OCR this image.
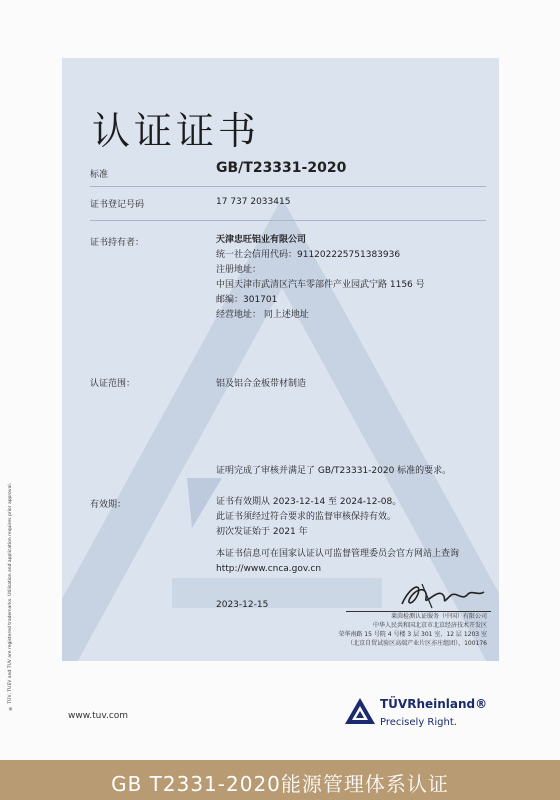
认证证书
标准	GB/T23331-2020
证书登记号码	17 737 2033415
证书持有者：	天津忠旺铝业有限公司
统一社会信用代码：911202225751383936
注册地址：
中国天津市武清区汽车零部件产业园武宁路 1156 号
邮编：301701
经营地址： 同上述地址
认证范围：	铝及铝合金板带材制造
证明完成了审核并满足了 GB/T23331-2020 标准的要求。
有效期：	证书有效期从 2023-12-14 至 2024-12-08。
此证书须经过符合要求的监督审核保持有效。
初次发证始于 2021 年
本证书信息可在国家认证认可监督管理委员会官方网站上查询
http://www.cnca.gov.cn
2023-12-15
莱茵检测认证服务（中国）有限公司
中华人民共和国北京市北京经济技术开发区
荣华南路 15 号院 4 号楼 3 层 301 室、12 层 1203 室
（北京自贸试验区高端产业片区亦庄组团），100176
® TÜV, TUEV and TUV are registered trademarks. Utilisation and application requires prior approval.
www.tuv.com
TÜVRheinland®
Precisely Right.
GB T2331-2020能源管理体系认证
